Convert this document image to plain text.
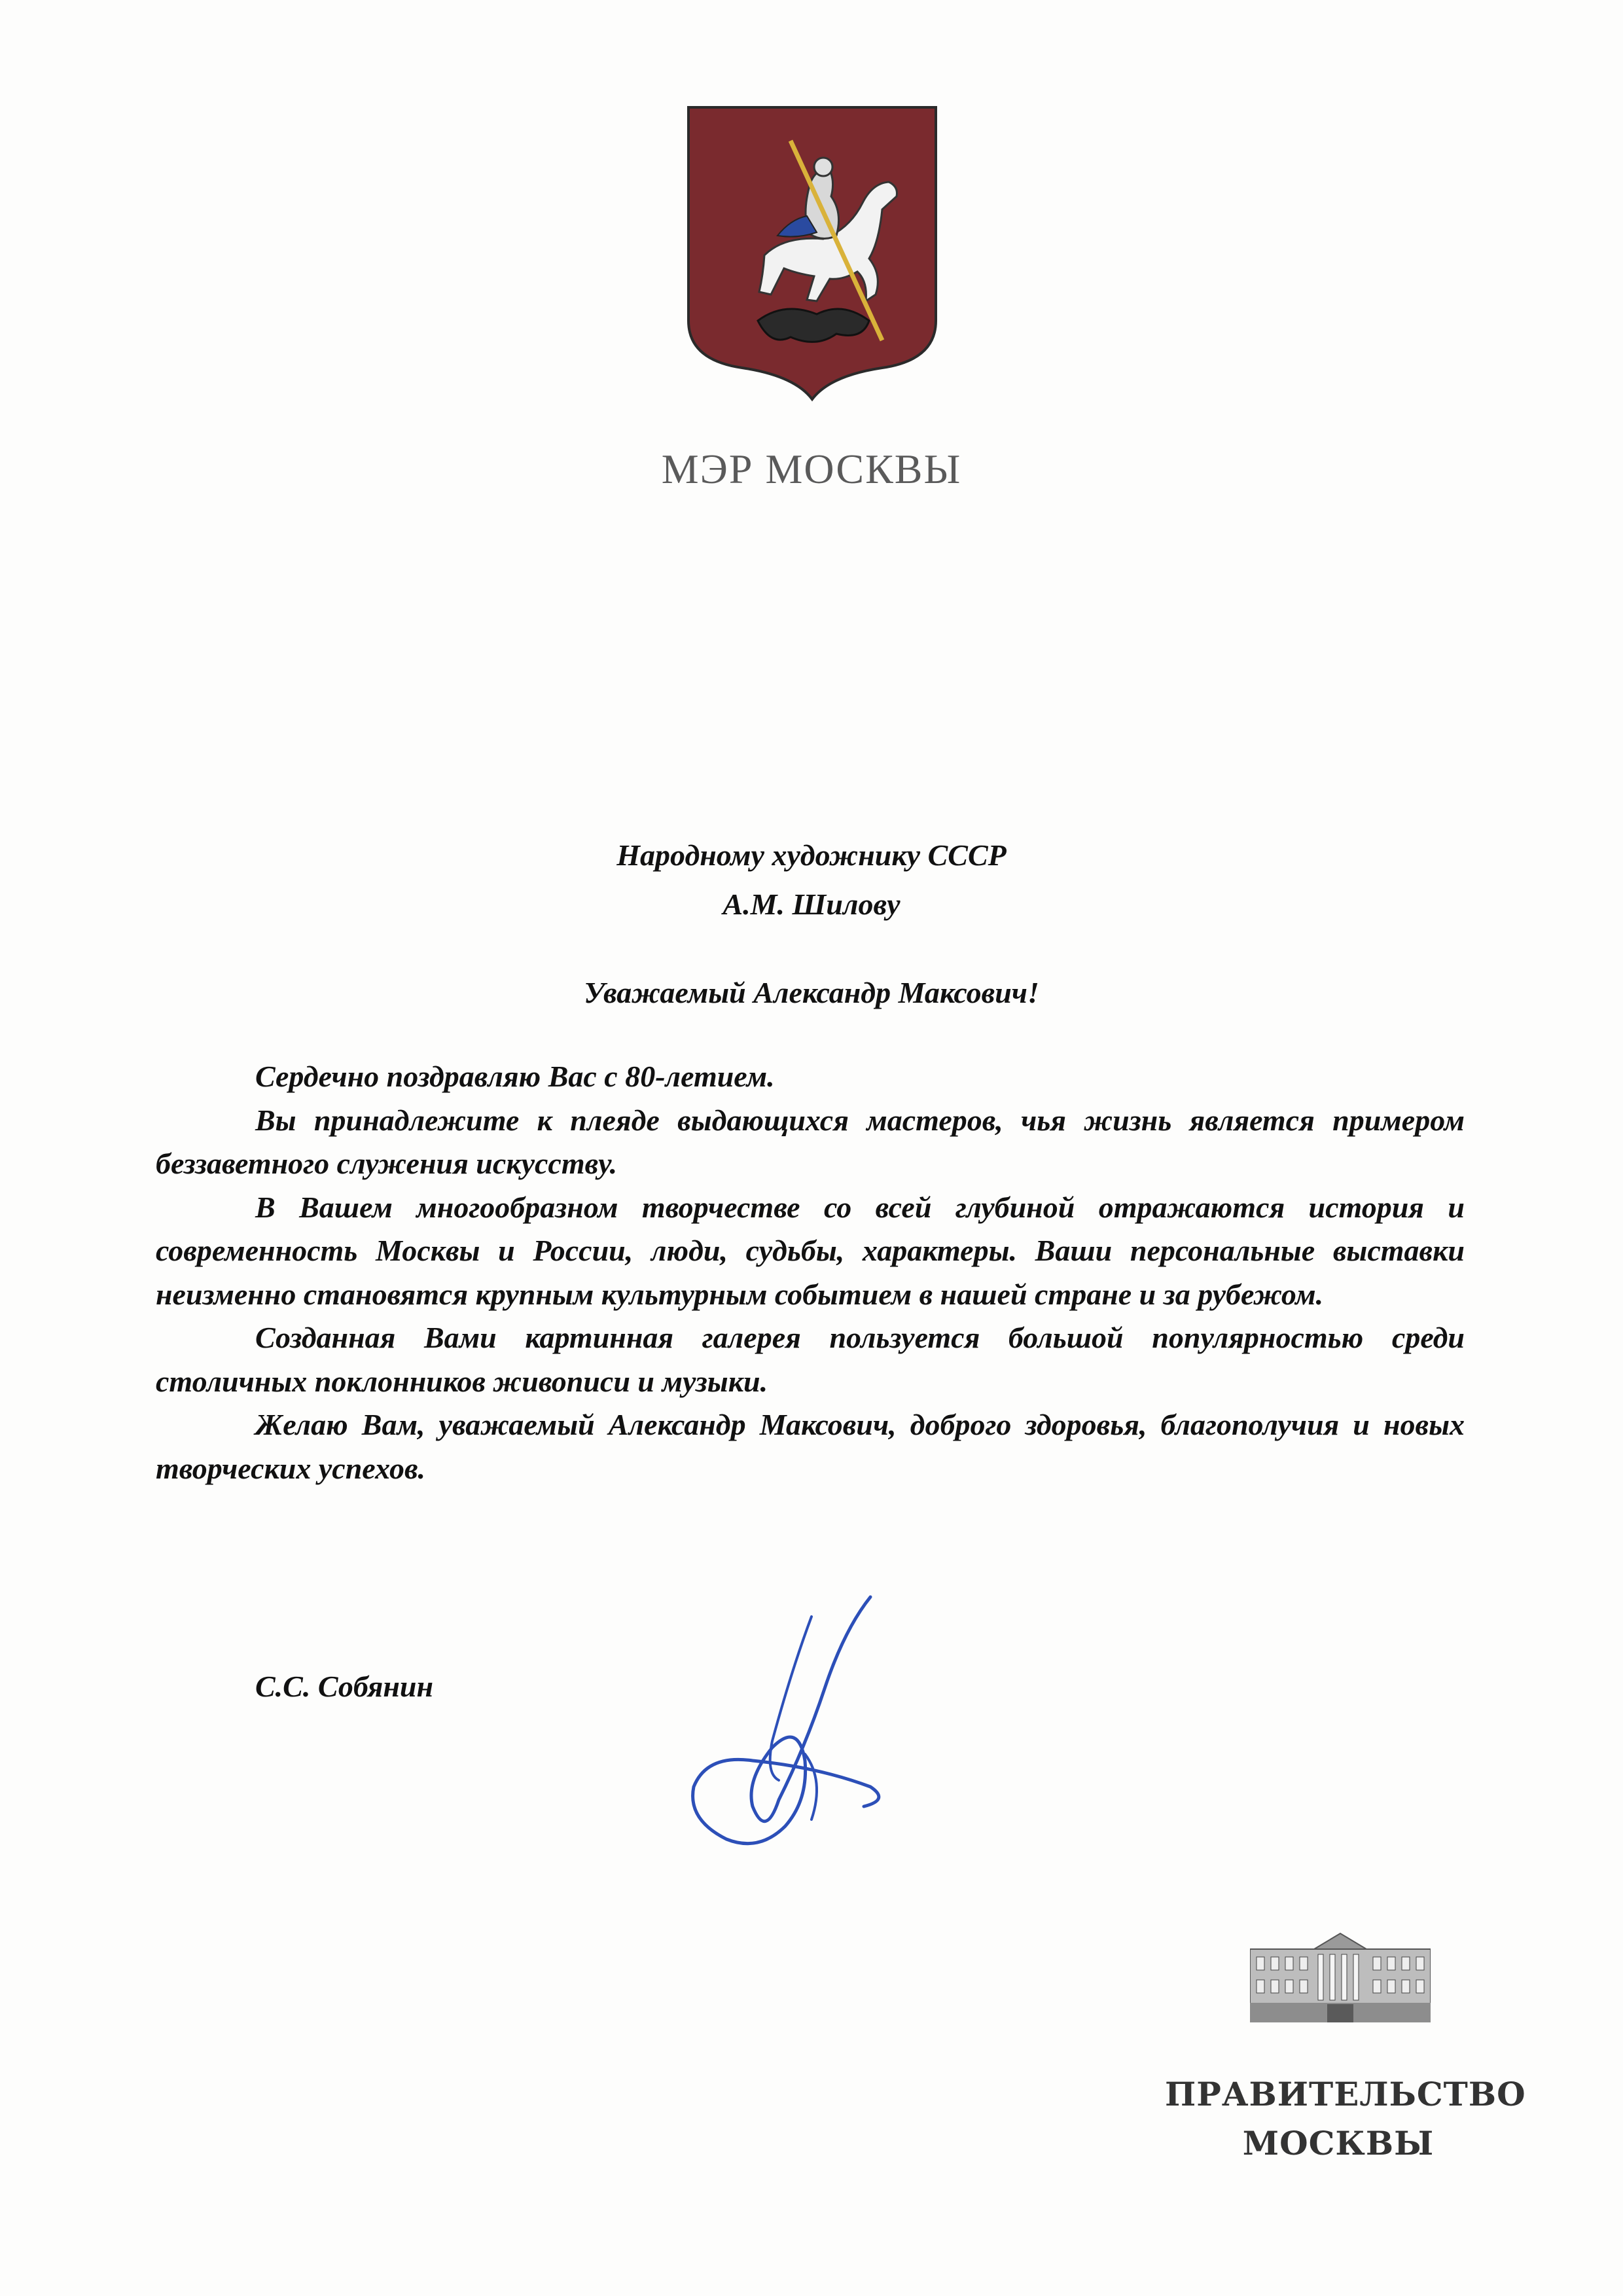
МЭР МОСКВЫ
Народному художнику СССР
А.М. Шилову
Уважаемый Александр Максович!

Сердечно поздравляю Вас с 80-летием.

Вы принадлежите к плеяде выдающихся мастеров, чья жизнь является примером беззаветного служения искусству.

В Вашем многообразном творчестве со всей глубиной отражаются история и современность Москвы и России, люди, судьбы, характеры. Ваши персональные выставки неизменно становятся крупным культурным событием в нашей стране и за рубежом.

Созданная Вами картинная галерея пользуется большой популярностью среди столичных поклонников живописи и музыки.

Желаю Вам, уважаемый Александр Максович, доброго здоровья, благополучия и новых творческих успехов.

С.С. Собянин
ПРАВИТЕЛЬСТВО
МОСКВЫ
